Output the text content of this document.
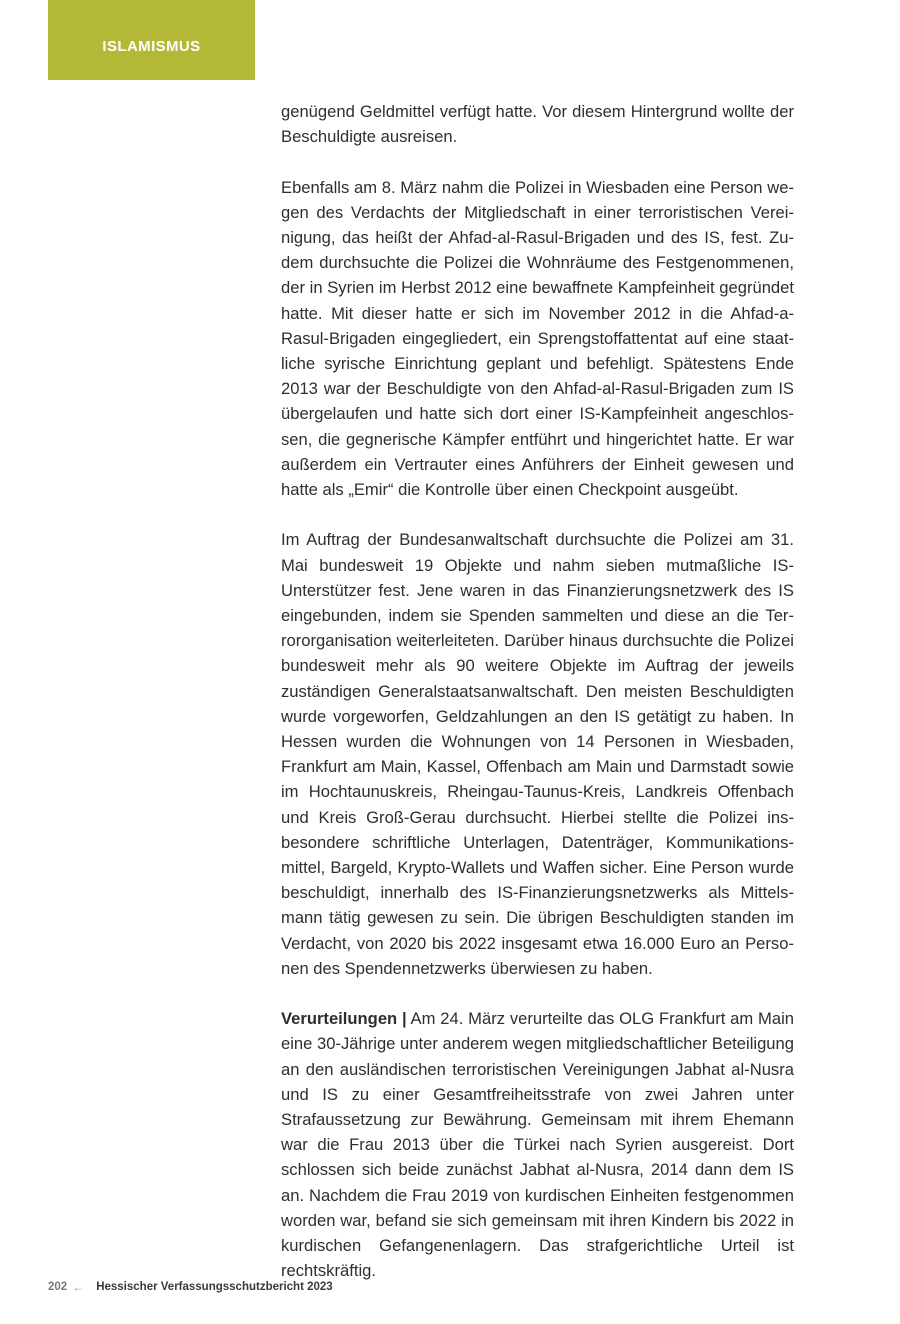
ISLAMISMUS

genügend Geldmittel verfügt hatte. Vor diesem Hintergrund wollte der Beschuldigte ausreisen.

Ebenfalls am 8. März nahm die Polizei in Wiesbaden eine Person wegen des Verdachts der Mitgliedschaft in einer terroristischen Vereinigung, das heißt der Ahfad-al-Rasul-Brigaden und des IS, fest. Zudem durchsuchte die Polizei die Wohnräume des Festgenommenen, der in Syrien im Herbst 2012 eine bewaffnete Kampfeinheit gegründet hatte. Mit dieser hatte er sich im November 2012 in die Ahfad-a-Rasul-Brigaden eingegliedert, ein Sprengstoffattentat auf eine staatliche syrische Einrichtung geplant und befehligt. Spätestens Ende 2013 war der Beschuldigte von den Ahfad-al-Rasul-Brigaden zum IS übergelaufen und hatte sich dort einer IS-Kampfeinheit angeschlossen, die gegnerische Kämpfer entführt und hingerichtet hatte. Er war außerdem ein Vertrauter eines Anführers der Einheit gewesen und hatte als „Emir“ die Kontrolle über einen Checkpoint ausgeübt.

Im Auftrag der Bundesanwaltschaft durchsuchte die Polizei am 31. Mai bundesweit 19 Objekte und nahm sieben mutmaßliche IS-Unterstützer fest. Jene waren in das Finanzierungsnetzwerk des IS eingebunden, indem sie Spenden sammelten und diese an die Terrororganisation weiterleiteten. Darüber hinaus durchsuchte die Polizei bundesweit mehr als 90 weitere Objekte im Auftrag der jeweils zuständigen Generalstaatsanwaltschaft. Den meisten Beschuldigten wurde vorgeworfen, Geldzahlungen an den IS getätigt zu haben. In Hessen wurden die Wohnungen von 14 Personen in Wiesbaden, Frankfurt am Main, Kassel, Offenbach am Main und Darmstadt sowie im Hochtaunuskreis, Rheingau-Taunus-Kreis, Landkreis Offenbach und Kreis Groß-Gerau durchsucht. Hierbei stellte die Polizei insbesondere schriftliche Unterlagen, Datenträger, Kommunikationsmittel, Bargeld, Krypto-Wallets und Waffen sicher. Eine Person wurde beschuldigt, innerhalb des IS-Finanzierungsnetzwerks als Mittelsmann tätig gewesen zu sein. Die übrigen Beschuldigten standen im Verdacht, von 2020 bis 2022 insgesamt etwa 16.000 Euro an Personen des Spendennetzwerks überwiesen zu haben.

Verurteilungen | Am 24. März verurteilte das OLG Frankfurt am Main eine 30-Jährige unter anderem wegen mitgliedschaftlicher Beteiligung an den ausländischen terroristischen Vereinigungen Jabhat al-Nusra und IS zu einer Gesamtfreiheitsstrafe von zwei Jahren unter Strafaussetzung zur Bewährung. Gemeinsam mit ihrem Ehemann war die Frau 2013 über die Türkei nach Syrien ausgereist. Dort schlossen sich beide zunächst Jabhat al-Nusra, 2014 dann dem IS an. Nachdem die Frau 2019 von kurdischen Einheiten festgenommen worden war, befand sie sich gemeinsam mit ihren Kindern bis 2022 in kurdischen Gefangenenlagern. Das strafgerichtliche Urteil ist rechtskräftig.

202 ← Hessischer Verfassungsschutzbericht 2023
